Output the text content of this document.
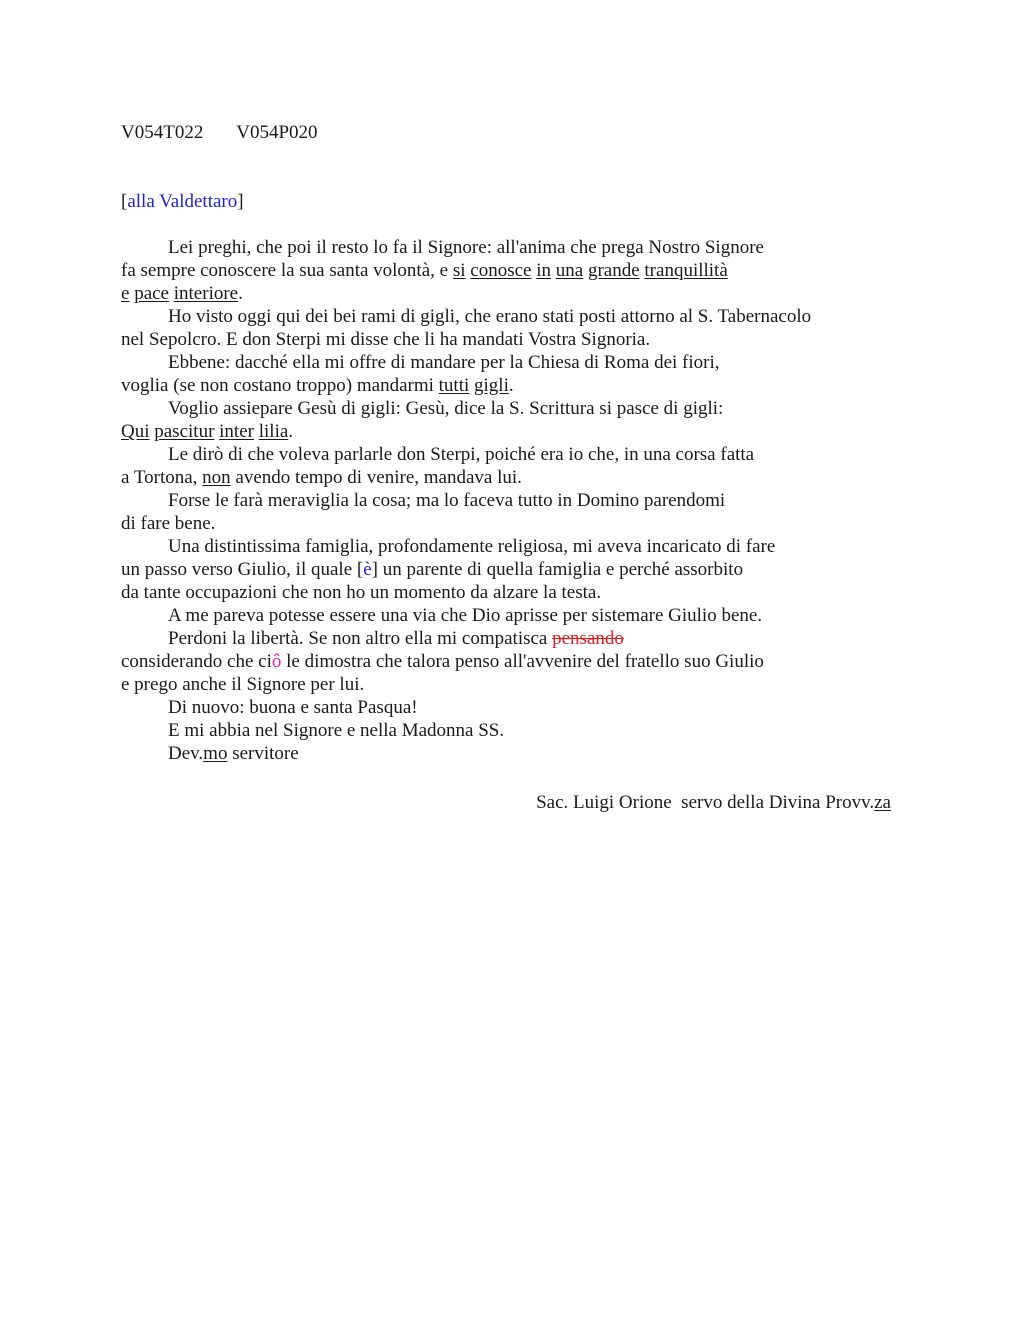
V054T022 V054P020
[alla Valdettaro]
Lei preghi, che poi il resto lo fa il Signore: all'anima che prega Nostro Signore
fa sempre conoscere la sua santa volontà, e si conosce in una grande tranquillità
e pace interiore.
Ho visto oggi qui dei bei rami di gigli, che erano stati posti attorno al S. Tabernacolo
nel Sepolcro. E don Sterpi mi disse che li ha mandati Vostra Signoria.
Ebbene: dacché ella mi offre di mandare per la Chiesa di Roma dei fiori,
voglia (se non costano troppo) mandarmi tutti gigli.
Voglio assiepare Gesù di gigli: Gesù, dice la S. Scrittura si pasce di gigli:
Qui pascitur inter lilia.
Le dirò di che voleva parlarle don Sterpi, poiché era io che, in una corsa fatta
a Tortona, non avendo tempo di venire, mandava lui.
Forse le farà meraviglia la cosa; ma lo faceva tutto in Domino parendomi
di fare bene.
Una distintissima famiglia, profondamente religiosa, mi aveva incaricato di fare
un passo verso Giulio, il quale [è] un parente di quella famiglia e perché assorbito
da tante occupazioni che non ho un momento da alzare la testa.
A me pareva potesse essere una via che Dio aprisse per sistemare Giulio bene.
Perdoni la libertà. Se non altro ella mi compatisca pensando
considerando che ciô le dimostra che talora penso all'avvenire del fratello suo Giulio
e prego anche il Signore per lui.
Di nuovo: buona e santa Pasqua!
E mi abbia nel Signore e nella Madonna SS.
Dev.mo servitore
Sac. Luigi Orione  servo della Divina Provv.za
